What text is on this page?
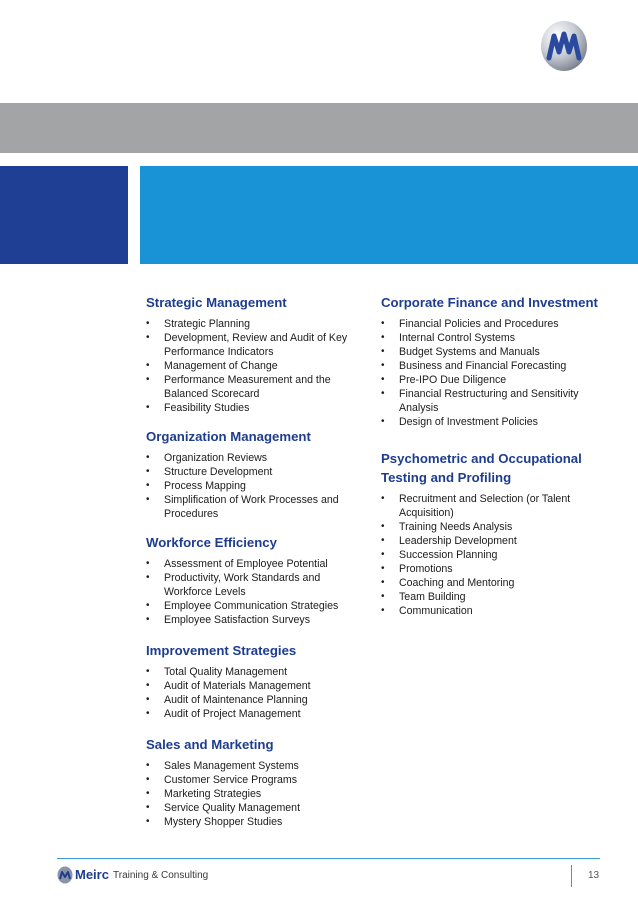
Strategic Management
• Strategic Planning
• Development, Review and Audit of Key Performance Indicators
• Management of Change
• Performance Measurement and the Balanced Scorecard
• Feasibility Studies
Organization Management
• Organization Reviews
• Structure Development
• Process Mapping
• Simplification of Work Processes and Procedures
Workforce Efficiency
• Assessment of Employee Potential
• Productivity, Work Standards and Workforce Levels
• Employee Communication Strategies
• Employee Satisfaction Surveys
Improvement Strategies
• Total Quality Management
• Audit of Materials Management
• Audit of Maintenance Planning
• Audit of Project Management
Sales and Marketing
• Sales Management Systems
• Customer Service Programs
• Marketing Strategies
• Service Quality Management
• Mystery Shopper Studies
Corporate Finance and Investment
• Financial Policies and Procedures
• Internal Control Systems
• Budget Systems and Manuals
• Business and Financial Forecasting
• Pre-IPO Due Diligence
• Financial Restructuring and Sensitivity Analysis
• Design of Investment Policies
Psychometric and Occupational Testing and Profiling
• Recruitment and Selection (or Talent Acquisition)
• Training Needs Analysis
• Leadership Development
• Succession Planning
• Promotions
• Coaching and Mentoring
• Team Building
• Communication
Meirc Training & Consulting	13
